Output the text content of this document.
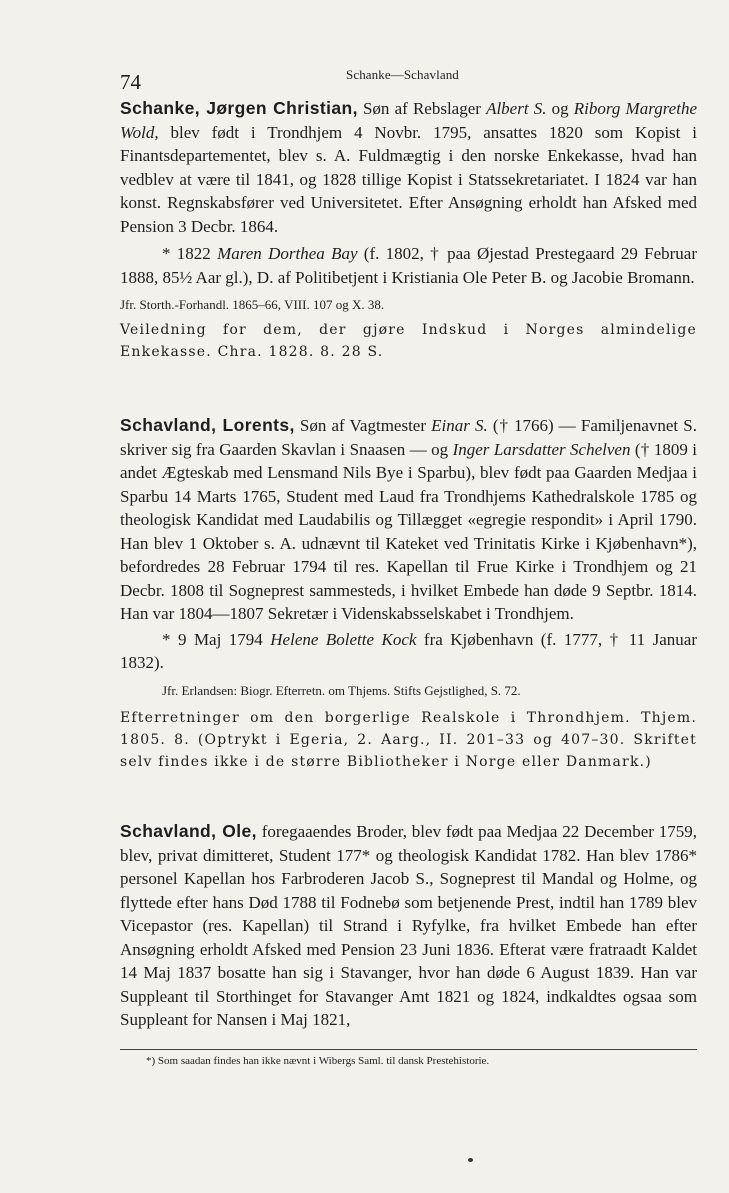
74	Schanke—Schavland
Schanke, Jørgen Christian, Søn af Rebslager Albert S. og Riborg Margrethe Wold, blev født i Trondhjem 4 Novbr. 1795, ansattes 1820 som Kopist i Finantsdepartementet, blev s. A. Fuldmægtig i den norske Enkekasse, hvad han vedblev at være til 1841, og 1828 tillige Kopist i Statssekretariatet. I 1824 var han konst. Regnskabsfører ved Universitetet. Efter Ansøgning erholdt han Afsked med Pension 3 Decbr. 1864.
* 1822 Maren Dorthea Bay (f. 1802, † paa Øjestad Prestegaard 29 Februar 1888, 85½ Aar gl.), D. af Politibetjent i Kristiania Ole Peter B. og Jacobie Bromann.
Jfr. Storth.-Forhandl. 1865–66, VIII. 107 og X. 38.
Veiledning for dem, der gjøre Indskud i Norges almindelige Enkekasse. Chra. 1828. 8. 28 S.
Schavland, Lorents, Søn af Vagtmester Einar S. († 1766) — Familjenavnet S. skriver sig fra Gaarden Skavlan i Snaasen — og Inger Larsdatter Schelven († 1809 i andet Ægteskab med Lensmand Nils Bye i Sparbu), blev født paa Gaarden Medjaa i Sparbu 14 Marts 1765, Student med Laud fra Trondhjems Kathedralskole 1785 og theologisk Kandidat med Laudabilis og Tillægget «egregie respondit» i April 1790. Han blev 1 Oktober s. A. udnævnt til Kateket ved Trinitatis Kirke i Kjøbenhavn*), befordredes 28 Februar 1794 til res. Kapellan til Frue Kirke i Trondhjem og 21 Decbr. 1808 til Sogneprest sammesteds, i hvilket Embede han døde 9 Septbr. 1814. Han var 1804—1807 Sekretær i Videnskabsselskabet i Trondhjem.
* 9 Maj 1794 Helene Bolette Kock fra Kjøbenhavn (f. 1777, † 11 Januar 1832).
Jfr. Erlandsen: Biogr. Efterretn. om Thjems. Stifts Gejstlighed, S. 72.
Efterretninger om den borgerlige Realskole i Throndhjem. Thjem. 1805. 8. (Optrykt i Egeria, 2. Aarg., II. 201–33 og 407–30. Skriftet selv findes ikke i de større Bibliotheker i Norge eller Danmark.)
Schavland, Ole, foregaaendes Broder, blev født paa Medjaa 22 December 1759, blev, privat dimitteret, Student 177* og theologisk Kandidat 1782. Han blev 1786* personel Kapellan hos Farbroderen Jacob S., Sogneprest til Mandal og Holme, og flyttede efter hans Død 1788 til Fodnebø som betjenende Prest, indtil han 1789 blev Vicepastor (res. Kapellan) til Strand i Ryfylke, fra hvilket Embede han efter Ansøgning erholdt Afsked med Pension 23 Juni 1836. Efterat være fratraadt Kaldet 14 Maj 1837 bosatte han sig i Stavanger, hvor han døde 6 August 1839. Han var Suppleant til Storthinget for Stavanger Amt 1821 og 1824, indkaldtes ogsaa som Suppleant for Nansen i Maj 1821,
*) Som saadan findes han ikke nævnt i Wibergs Saml. til dansk Prestehistorie.
